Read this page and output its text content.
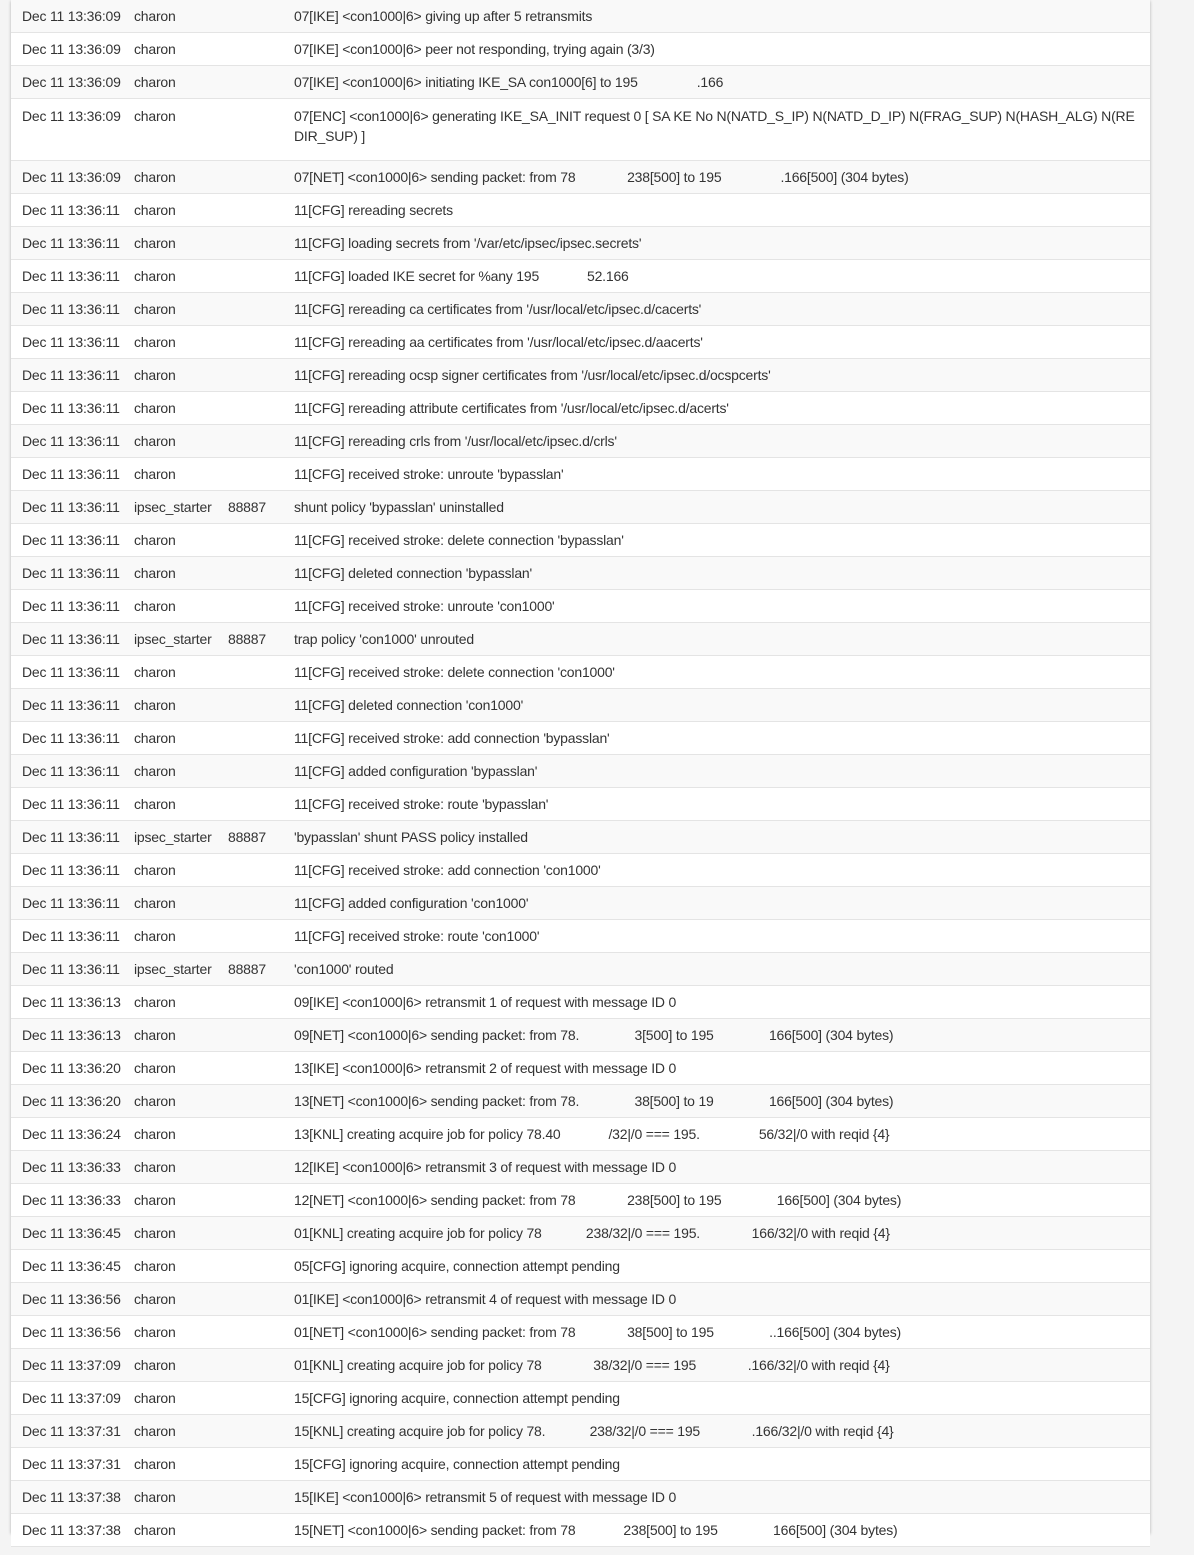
Dec 11 13:36:09	charon		07[IKE] <con1000|6> giving up after 5 retransmits
Dec 11 13:36:09	charon		07[IKE] <con1000|6> peer not responding, trying again (3/3)
Dec 11 13:36:09	charon		07[IKE] <con1000|6> initiating IKE_SA con1000[6] to 195                .166
Dec 11 13:36:09	charon		07[ENC] <con1000|6> generating IKE_SA_INIT request 0 [ SA KE No N(NATD_S_IP) N(NATD_D_IP) N(FRAG_SUP) N(HASH_ALG) N(REDIR_SUP) ]
Dec 11 13:36:09	charon		07[NET] <con1000|6> sending packet: from 78              238[500] to 195                .166[500] (304 bytes)
Dec 11 13:36:11	charon		11[CFG] rereading secrets
Dec 11 13:36:11	charon		11[CFG] loading secrets from '/var/etc/ipsec/ipsec.secrets'
Dec 11 13:36:11	charon		11[CFG] loaded IKE secret for %any 195             52.166
Dec 11 13:36:11	charon		11[CFG] rereading ca certificates from '/usr/local/etc/ipsec.d/cacerts'
Dec 11 13:36:11	charon		11[CFG] rereading aa certificates from '/usr/local/etc/ipsec.d/aacerts'
Dec 11 13:36:11	charon		11[CFG] rereading ocsp signer certificates from '/usr/local/etc/ipsec.d/ocspcerts'
Dec 11 13:36:11	charon		11[CFG] rereading attribute certificates from '/usr/local/etc/ipsec.d/acerts'
Dec 11 13:36:11	charon		11[CFG] rereading crls from '/usr/local/etc/ipsec.d/crls'
Dec 11 13:36:11	charon		11[CFG] received stroke: unroute 'bypasslan'
Dec 11 13:36:11	ipsec_starter	88887	shunt policy 'bypasslan' uninstalled
Dec 11 13:36:11	charon		11[CFG] received stroke: delete connection 'bypasslan'
Dec 11 13:36:11	charon		11[CFG] deleted connection 'bypasslan'
Dec 11 13:36:11	charon		11[CFG] received stroke: unroute 'con1000'
Dec 11 13:36:11	ipsec_starter	88887	trap policy 'con1000' unrouted
Dec 11 13:36:11	charon		11[CFG] received stroke: delete connection 'con1000'
Dec 11 13:36:11	charon		11[CFG] deleted connection 'con1000'
Dec 11 13:36:11	charon		11[CFG] received stroke: add connection 'bypasslan'
Dec 11 13:36:11	charon		11[CFG] added configuration 'bypasslan'
Dec 11 13:36:11	charon		11[CFG] received stroke: route 'bypasslan'
Dec 11 13:36:11	ipsec_starter	88887	'bypasslan' shunt PASS policy installed
Dec 11 13:36:11	charon		11[CFG] received stroke: add connection 'con1000'
Dec 11 13:36:11	charon		11[CFG] added configuration 'con1000'
Dec 11 13:36:11	charon		11[CFG] received stroke: route 'con1000'
Dec 11 13:36:11	ipsec_starter	88887	'con1000' routed
Dec 11 13:36:13	charon		09[IKE] <con1000|6> retransmit 1 of request with message ID 0
Dec 11 13:36:13	charon		09[NET] <con1000|6> sending packet: from 78.               3[500] to 195               166[500] (304 bytes)
Dec 11 13:36:20	charon		13[IKE] <con1000|6> retransmit 2 of request with message ID 0
Dec 11 13:36:20	charon		13[NET] <con1000|6> sending packet: from 78.               38[500] to 19               166[500] (304 bytes)
Dec 11 13:36:24	charon		13[KNL] creating acquire job for policy 78.40             /32|/0 === 195.                56/32|/0 with reqid {4}
Dec 11 13:36:33	charon		12[IKE] <con1000|6> retransmit 3 of request with message ID 0
Dec 11 13:36:33	charon		12[NET] <con1000|6> sending packet: from 78              238[500] to 195               166[500] (304 bytes)
Dec 11 13:36:45	charon		01[KNL] creating acquire job for policy 78            238/32|/0 === 195.              166/32|/0 with reqid {4}
Dec 11 13:36:45	charon		05[CFG] ignoring acquire, connection attempt pending
Dec 11 13:36:56	charon		01[IKE] <con1000|6> retransmit 4 of request with message ID 0
Dec 11 13:36:56	charon		01[NET] <con1000|6> sending packet: from 78              38[500] to 195               ..166[500] (304 bytes)
Dec 11 13:37:09	charon		01[KNL] creating acquire job for policy 78              38/32|/0 === 195              .166/32|/0 with reqid {4}
Dec 11 13:37:09	charon		15[CFG] ignoring acquire, connection attempt pending
Dec 11 13:37:31	charon		15[KNL] creating acquire job for policy 78.            238/32|/0 === 195              .166/32|/0 with reqid {4}
Dec 11 13:37:31	charon		15[CFG] ignoring acquire, connection attempt pending
Dec 11 13:37:38	charon		15[IKE] <con1000|6> retransmit 5 of request with message ID 0
Dec 11 13:37:38	charon		15[NET] <con1000|6> sending packet: from 78             238[500] to 195               166[500] (304 bytes)
